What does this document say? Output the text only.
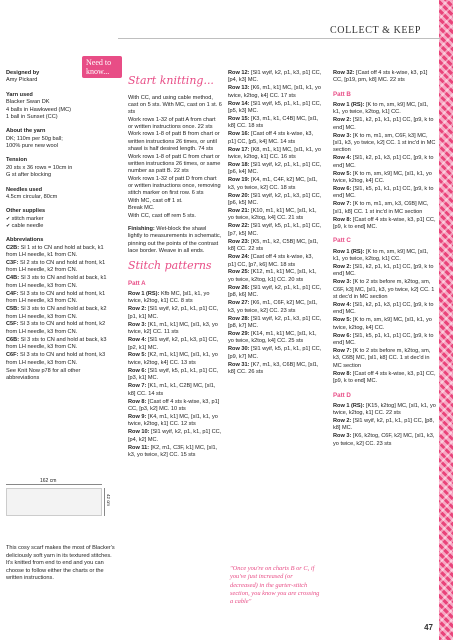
COLLECT & KEEP
Need to know...
Designed by
Amy Pickard
Yarn used
Blacker Swan DK
4 balls in Hawkweed (MC)
1 ball in Sunset (CC)
About the yarn
DK; 110m per 50g ball;
100% pure new wool
Tension
20 sts x 36 rows = 10cm in
G st after blocking
Needles used
4.5cm circular, 80cm
Other supplies
✔ stitch marker
✔ cable needle
Abbreviations
C2B: Sl 1 st to CN and hold at back, k1 from LH needle, k1 from CN.
C3F: Sl 2 sts to CN and hold at front, k1 from LH needle, k2 from CN.
C4B: Sl 3 sts to CN and hold at back, k1 from LH needle, k3 from CN.
C4F: Sl 3 sts to CN and hold at front, k1 from LH needle, k3 from CN.
C5B: Sl 3 sts to CN and hold at back, k2 from LH needle, k3 from CN.
C5F: Sl 3 sts to CN and hold at front, k2 from LH needle, k3 from CN.
C6B: Sl 3 sts to CN and hold at back, k3 from LH needle, k3 from CN.
C6F: Sl 3 sts to CN and hold at front, k3 from LH needle, k3 from CN.
See Knit Now p78 for all other abbreviations
162 cm
42 cm
This cosy scarf makes the most of Blacker's deliciously soft yarn in its textured stitches. It's knitted from end to end and you can choose to follow either the charts or the written instructions.
Start knitting...
With CC, and using cable method, cast on 5 sts. With MC, cast on 1 st. 6 sts
Work rows 1-32 of patt A from chart or written instructions once. 22 sts
Work rows 1-8 of patt B from chart or written instructions 26 times, or until shawl is half desired length. 74 sts
Work rows 1-8 of patt C from chart or written instructions 26 times, or same number as patt B. 22 sts
Work rows 1-32 of patt D from chart or written instructions once, removing stitch marker on first row. 6 sts
With MC, cast off 1 st.
Break MC.
With CC, cast off rem 5 sts.
Finishing: Wet-block the shawl lightly to measurements in schematic, pinning out the points of the contrast lace border. Weave in all ends.
Stitch patterns
Patt A
Row 1 (RS): Kfb MC, [sl1, k1, yo twice, k2tog, k1] CC. 8 sts
Row 2: [Sl1 wyif, k2, p1, k1, p1] CC, [p1, k1] MC.
Row 3: [K1, m1, k1] MC, [sl1, k3, yo twice, k2] CC. 11 sts
Row 4: [Sl1 wyif, k2, p1, k3, p1] CC, [p2, k1] MC.
Row 5: [K2, m1, k1] MC, [sl1, k1, yo twice, k2tog, k4] CC. 13 sts
Row 6: [Sl1 wyif, k5, p1, k1, p1] CC, [p3, k1] MC.
Row 7: [K1, m1, k1, C2B] MC, [sl1, k8] CC. 14 sts
Row 8: [Cast off 4 sts k-wise, k3, p1] CC, [p3, k2] MC. 10 sts
Row 9: [K4, m1, k1] MC, [sl1, k1, yo twice, k2tog, k1] CC. 12 sts
Row 10: [Sl1 wyif, k2, p1, k1, p1] CC, [p4, k2] MC.
Row 11: [K2, m1, C3F, k1] MC, [sl1, k3, yo twice, k2] CC. 15 sts
Row 12: [Sl1 wyif, k2, p1, k3, p1] CC, [p4, k3] MC.
Row 13: [K6, m1, k1] MC, [sl1, k1, yo twice, k2tog, k4] CC. 17 sts
Row 14: [Sl1 wyif, k5, p1, k1, p1] CC, [p5, k3] MC.
Row 15: [K3, m1, k1, C4B] MC, [sl1, k8] CC. 18 sts
Row 16: [Cast off 4 sts k-wise, k3, p1] CC, [p5, k4] MC. 14 sts
Row 17: [K8, m1, k1] MC, [sl1, k1, yo twice, k2tog, k1] CC. 16 sts
Row 18: [Sl1 wyif, k2, p1, k1, p1] CC, [p6, k4] MC.
Row 19: [K4, m1, C4F, k2] MC, [sl1, k3, yo twice, k2] CC. 18 sts
Row 20: [Sl1 wyif, k2, p1, k3, p1] CC, [p6, k5] MC.
Row 21: [K10, m1, k1] MC, [sl1, k1, yo twice, k2tog, k4] CC. 21 sts
Row 22: [Sl1 wyif, k5, p1, k1, p1] CC, [p7, k5] MC.
Row 23: [K5, m1, k2, C5B] MC, [sl1, k8] CC. 22 sts
Row 24: [Cast off 4 sts k-wise, k3, p1] CC, [p7, k6] MC. 18 sts
Row 25: [K12, m1, k1] MC, [sl1, k1, yo twice, k2tog, k1] CC. 20 sts
Row 26: [Sl1 wyif, k2, p1, k1, p1] CC, [p8, k6] MC.
Row 27: [K6, m1, C6F, k2] MC, [sl1, k3, yo twice, k2] CC. 23 sts
Row 28: [Sl1 wyif, k2, p1, k3, p1] CC, [p8, k7] MC.
Row 29: [K14, m1, k1] MC, [sl1, k1, yo twice, k2tog, k4] CC. 25 sts
Row 30: [Sl1 wyif, k5, p1, k1, p1] CC, [p9, k7] MC.
Row 31: [K7, m1, k3, C6B] MC, [sl1, k8] CC. 26 sts
"Once you're on charts B or C, if you've just increased (or decreased) in the garter-stitch section, you know you are crossing a cable"
Row 32: [Cast off 4 sts k-wise, k3, p1] CC, [p19, pm, k8] MC. 22 sts
Patt B
Row 1 (RS): [K to m, sm, k9] MC, [sl1, k1, yo twice, k2tog, k1] CC.
Row 2: [Sl1, k2, p1, k1, p1] CC, [p9, k to end] MC.
Row 3: [K to m, m1, sm, C6F, k3] MC, [sl1, k3, yo twice, k2] CC. 1 st inc'd in MC section
Row 4: [Sl1, k2, p1, k3, p1] CC, [p9, k to end] MC.
Row 5: [K to m, sm, k9] MC, [sl1, k1, yo twice, k2tog, k4] CC.
Row 6: [Sl1, k5, p1, k1, p1] CC, [p9, k to end] MC.
Row 7: [K to m, m1, sm, k3, C6B] MC, [sl1, k8] CC. 1 st inc'd in MC section
Row 8: [Cast off 4 sts k-wise, k3, p1] CC, [p9, k to end] MC.
Patt C
Row 1 (RS): [K to m, sm, k9] MC, [sl1, k1, yo twice, k2tog, k1] CC.
Row 2: [Sl1, k2, p1, k1, p1] CC, [p9, k to end] MC.
Row 3: [K to 2 sts before m, k2tog, sm, C6F, k3] MC, [sl1, k3, yo twice, k2] CC. 1 st dec'd in MC section
Row 4: [Sl1, k2, p1, k3, p1] CC, [p9, k to end] MC.
Row 5: [K to m, sm, k9] MC, [sl1, k1, yo twice, k2tog, k4] CC.
Row 6: [Sl1, k5, p1, k1, p1] CC, [p9, k to end] MC.
Row 7: [K to 2 sts before m, k2tog, sm, k3, C6B] MC, [sl1, k8] CC. 1 st dec'd in MC section
Row 8: [Cast off 4 sts k-wise, k3, p1] CC, [p9, k to end] MC.
Patt D
Row 1 (RS): [K15, k2tog] MC, [sl1, k1, yo twice, k2tog, k1] CC. 22 sts
Row 2: [Sl1 wyif, k2, p1, k1, p1] CC, [p8, k8] MC.
Row 3: [K6, k2tog, C6F, k2] MC, [sl1, k3, yo twice, k2] CC. 23 sts
47
